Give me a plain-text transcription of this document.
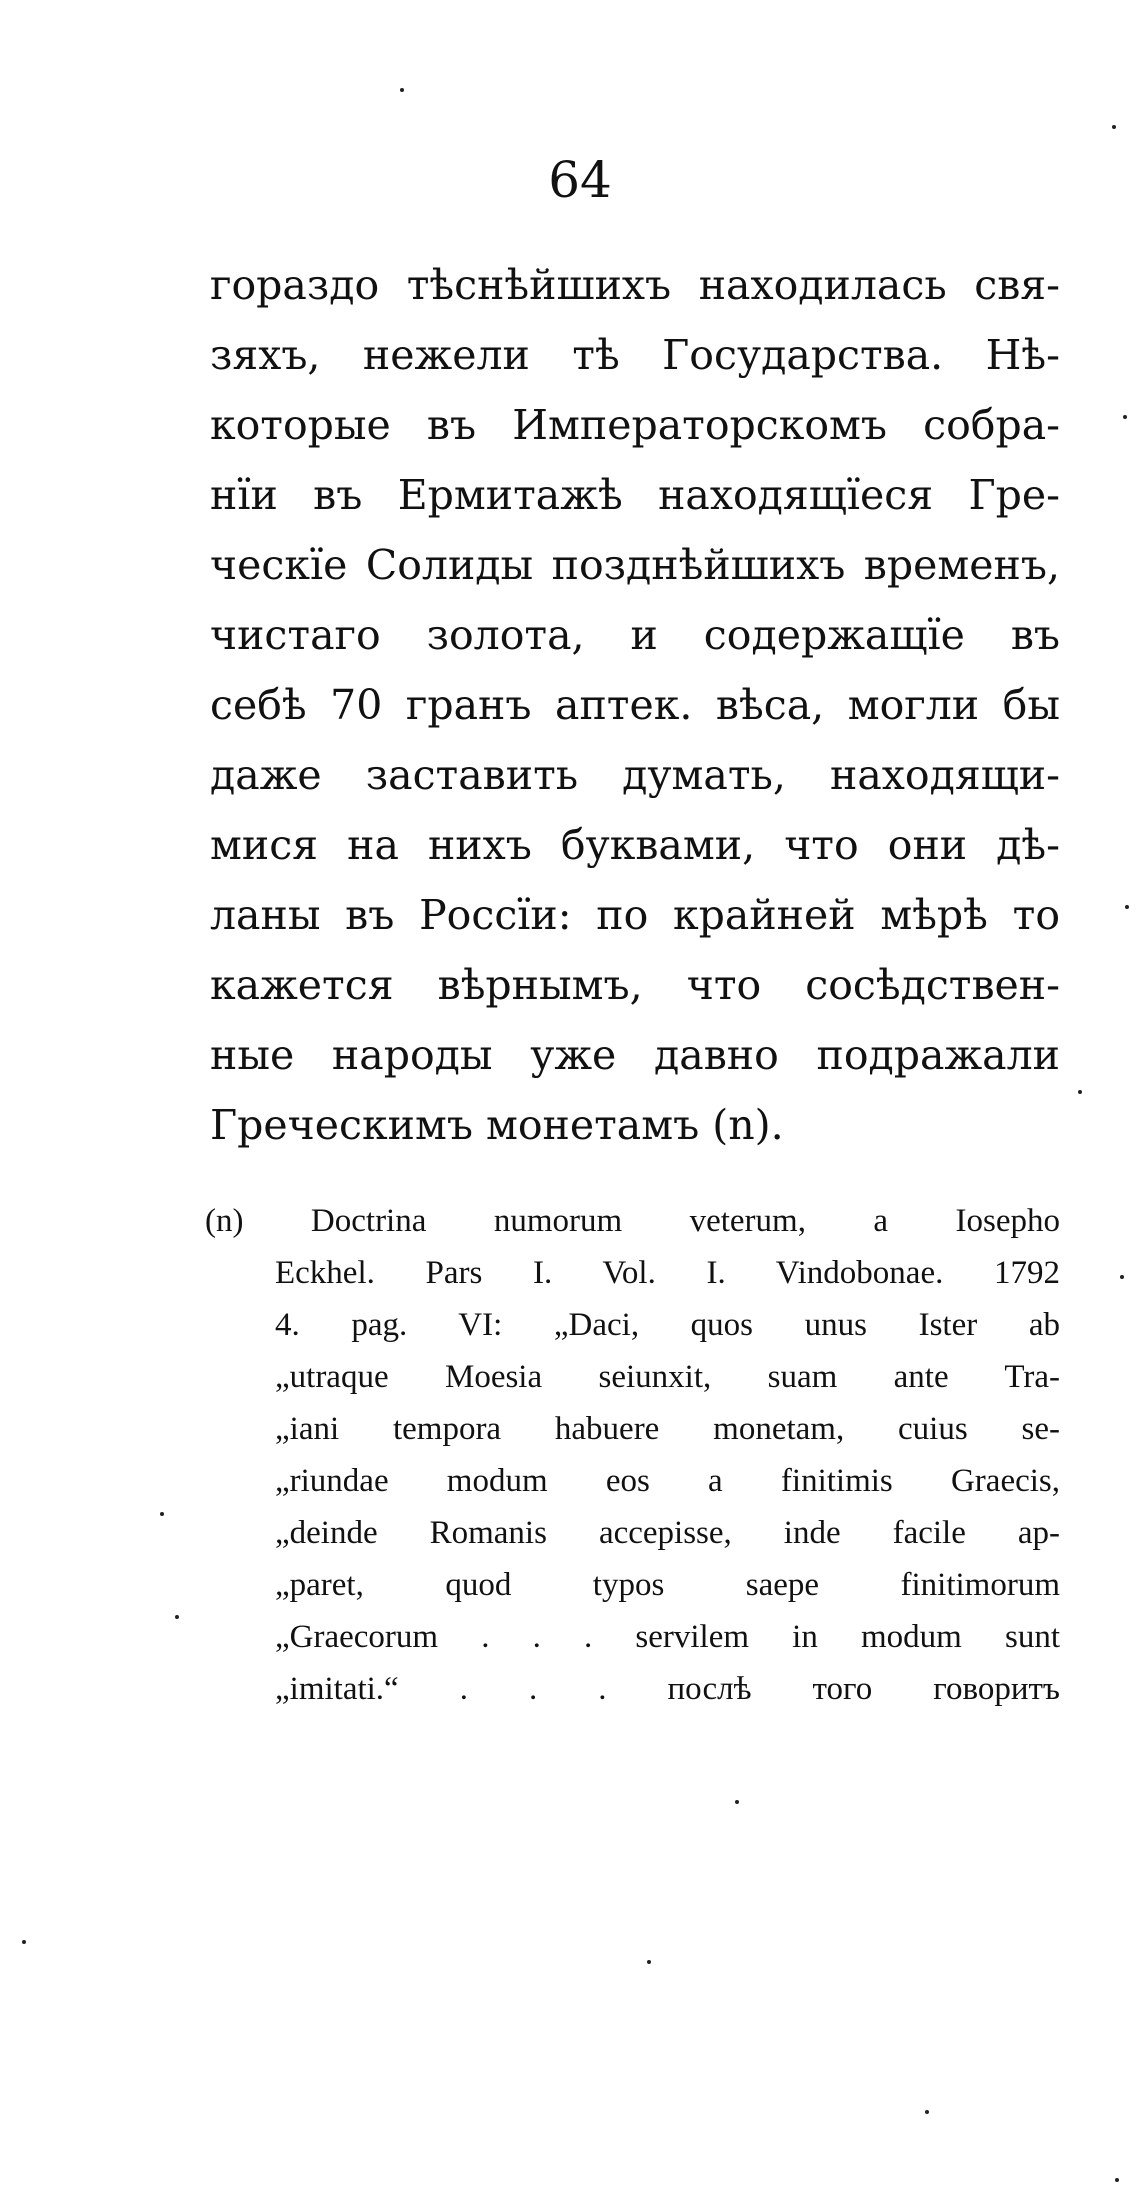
64
гораздо тѣснѣйшихъ находилась свя-
зяхъ, нежели тѣ Государства. Нѣ-
которые въ Императорскомъ собра-
нїи въ Ермитажѣ находящїеся Гре-
ческїе Солиды позднѣйшихъ временъ,
чистаго золота, и содержащїе въ
себѣ 70 гранъ аптек. вѣса, могли бы
даже заставить думать, находящи-
мися на нихъ буквами, что они дѣ-
ланы въ Россїи: по крайней мѣрѣ то
кажется вѣрнымъ, что сосѣдствен-
ные народы уже давно подражали
Греческимъ монетамъ (n).
(n) Doctrina numorum veterum, a Iosepho
Eckhel. Pars I. Vol. I. Vindobonae. 1792
4. pag. VI: „Daci, quos unus Ister ab
„utraque Moesia seiunxit, suam ante Tra-
„iani tempora habuere monetam, cuius se-
„riundae modum eos a finitimis Graecis,
„deinde Romanis accepisse, inde facile ap-
„paret, quod typos saepe finitimorum
„Graecorum . . . servilem in modum sunt
„imitati.“ . . . послѣ того говоритъ
